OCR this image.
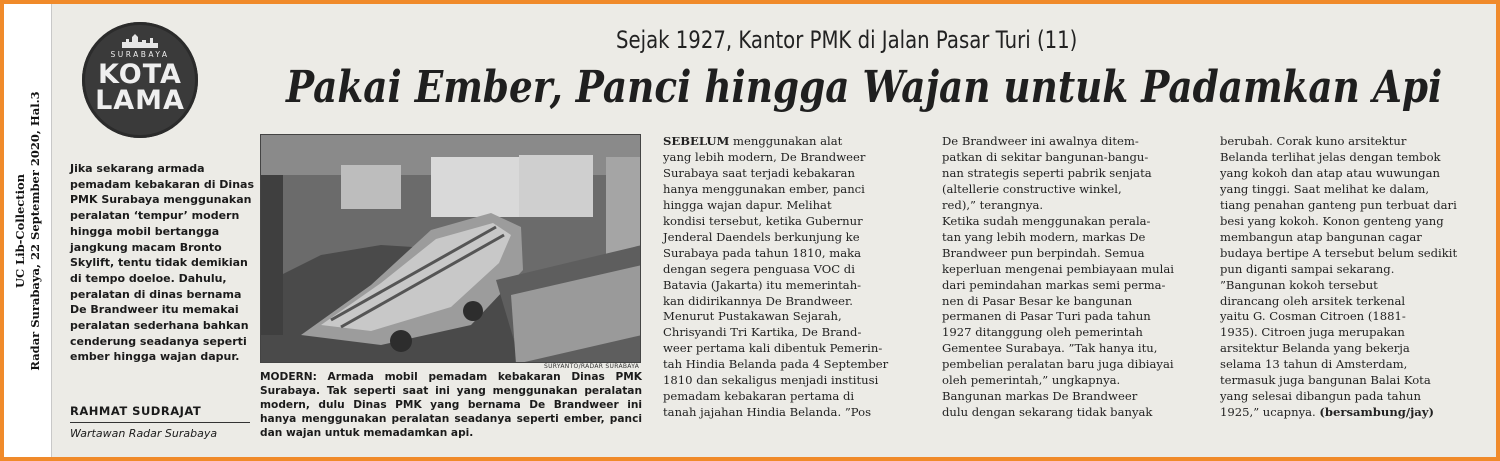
UC Lib-Collection Radar Surabaya, 22 September 2020, Hal.3
SURABAYA
KOTA
LAMA
Sejak 1927, Kantor PMK di Jalan Pasar Turi (11)
Pakai Ember, Panci hingga Wajan untuk Padamkan Api
Jika sekarang armada pemadam kebakaran di Dinas PMK Surabaya menggunakan peralatan ‘tempur’ modern hingga mobil bertangga jangkung macam Bronto Skylift, tentu tidak demikian di tempo doeloe. Dahulu, peralatan di dinas bernama De Brandweer itu memakai peralatan sederhana bahkan cenderung seadanya seperti ember hingga wajan dapur.
RAHMAT SUDRAJAT
Wartawan Radar Surabaya
SURYANTO/RADAR SURABAYA
MODERN: Armada mobil pemadam kebakaran Dinas PMK Surabaya. Tak seperti saat ini yang menggunakan peralatan modern, dulu Dinas PMK yang bernama De Brandweer ini hanya menggunakan peralatan seadanya seperti ember, panci dan wajan untuk memadamkan api.
SEBELUM menggunakan alat
yang lebih modern, De Brandweer
Surabaya saat terjadi kebakaran
hanya menggunakan ember, panci
hingga wajan dapur. Melihat
kondisi tersebut, ketika Gubernur
Jenderal Daendels berkunjung ke
Surabaya pada tahun 1810, maka
dengan segera penguasa VOC di
Batavia (Jakarta) itu memerintah-
kan didirikannya De Brandweer.
Menurut Pustakawan Sejarah,
Chrisyandi Tri Kartika, De Brand-
weer pertama kali dibentuk Pemerin-
tah Hindia Belanda pada 4 September
1810 dan sekaligus menjadi institusi
pemadam kebakaran pertama di
tanah jajahan Hindia Belanda. ”Pos
De Brandweer ini awalnya ditem-
patkan di sekitar bangunan-bangu-
nan strategis seperti pabrik senjata
(altellerie constructive winkel,
red),” terangnya.
Ketika sudah menggunakan perala-
tan yang lebih modern, markas De
Brandweer pun berpindah. Semua
keperluan mengenai pembiayaan mulai
dari pemindahan markas semi perma-
nen di Pasar Besar ke bangunan
permanen di Pasar Turi pada tahun
1927 ditanggung oleh pemerintah
Gementee Surabaya. ”Tak hanya itu,
pembelian peralatan baru juga dibiayai
oleh pemerintah,” ungkapnya.
Bangunan markas De Brandweer
dulu dengan sekarang tidak banyak
berubah. Corak kuno arsitektur
Belanda terlihat jelas dengan tembok
yang kokoh dan atap atau wuwungan
yang tinggi. Saat melihat ke dalam,
tiang penahan ganteng pun terbuat dari
besi yang kokoh. Konon genteng yang
membangun atap bangunan cagar
budaya bertipe A tersebut belum sedikit
pun diganti sampai sekarang.
”Bangunan kokoh tersebut
dirancang oleh arsitek terkenal
yaitu G. Cosman Citroen (1881-
1935). Citroen juga merupakan
arsitektur Belanda yang bekerja
selama 13 tahun di Amsterdam,
termasuk juga bangunan Balai Kota
yang selesai dibangun pada tahun
1925,” ucapnya. (bersambung/jay)
